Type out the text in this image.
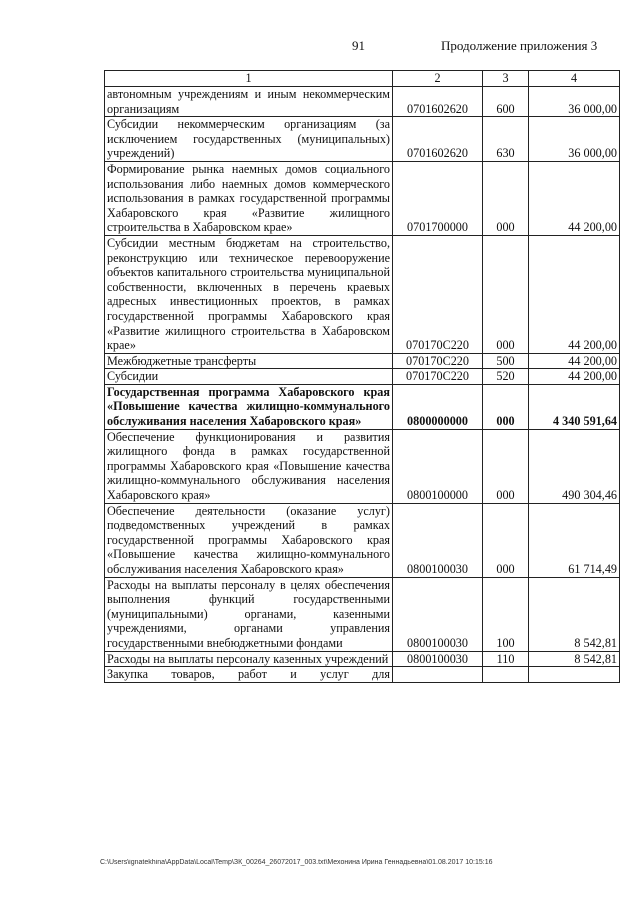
91	Продолжение приложения 3
1	2	3	4
автономным учреждениям и иным некоммерческим организациям	0701602620	600	36 000,00
Субсидии некоммерческим организациям (за исключением государственных (муниципальных) учреждений)	0701602620	630	36 000,00
Формирование рынка наемных домов социального использования либо наемных домов коммерческого использования в рамках государственной программы Хабаровского края «Развитие жилищного строительства в Хабаровском крае»	0701700000	000	44 200,00
Субсидии местным бюджетам на строительство, реконструкцию или техническое перевооружение объектов капитального строительства муниципальной собственности, включенных в перечень краевых адресных инвестиционных проектов, в рамках государственной программы Хабаровского края «Развитие жилищного строительства в Хабаровском крае»	070170С220	000	44 200,00
Межбюджетные трансферты	070170С220	500	44 200,00
Субсидии	070170С220	520	44 200,00
Государственная программа Хабаровского края «Повышение качества жилищно-коммунального обслуживания населения Хабаровского края»	0800000000	000	4 340 591,64
Обеспечение функционирования и развития жилищного фонда в рамках государственной программы Хабаровского края «Повышение качества жилищно-коммунального обслуживания населения Хабаровского края»	0800100000	000	490 304,46
Обеспечение деятельности (оказание услуг) подведомственных учреждений в рамках государственной программы Хабаровского края «Повышение качества жилищно-коммунального обслуживания населения Хабаровского края»	0800100030	000	61 714,49
Расходы на выплаты персоналу в целях обеспечения выполнения функций государственными (муниципальными) органами, казенными учреждениями, органами управления государственными внебюджетными фондами	0800100030	100	8 542,81
Расходы на выплаты персоналу казенных учреждений	0800100030	110	8 542,81
Закупка товаров, работ и услуг для			
C:\Users\ignatekhina\AppData\Local\Temp\ЗК_00264_26072017_003.txt\Мехонина Ирина Геннадьевна\01.08.2017 10:15:16
